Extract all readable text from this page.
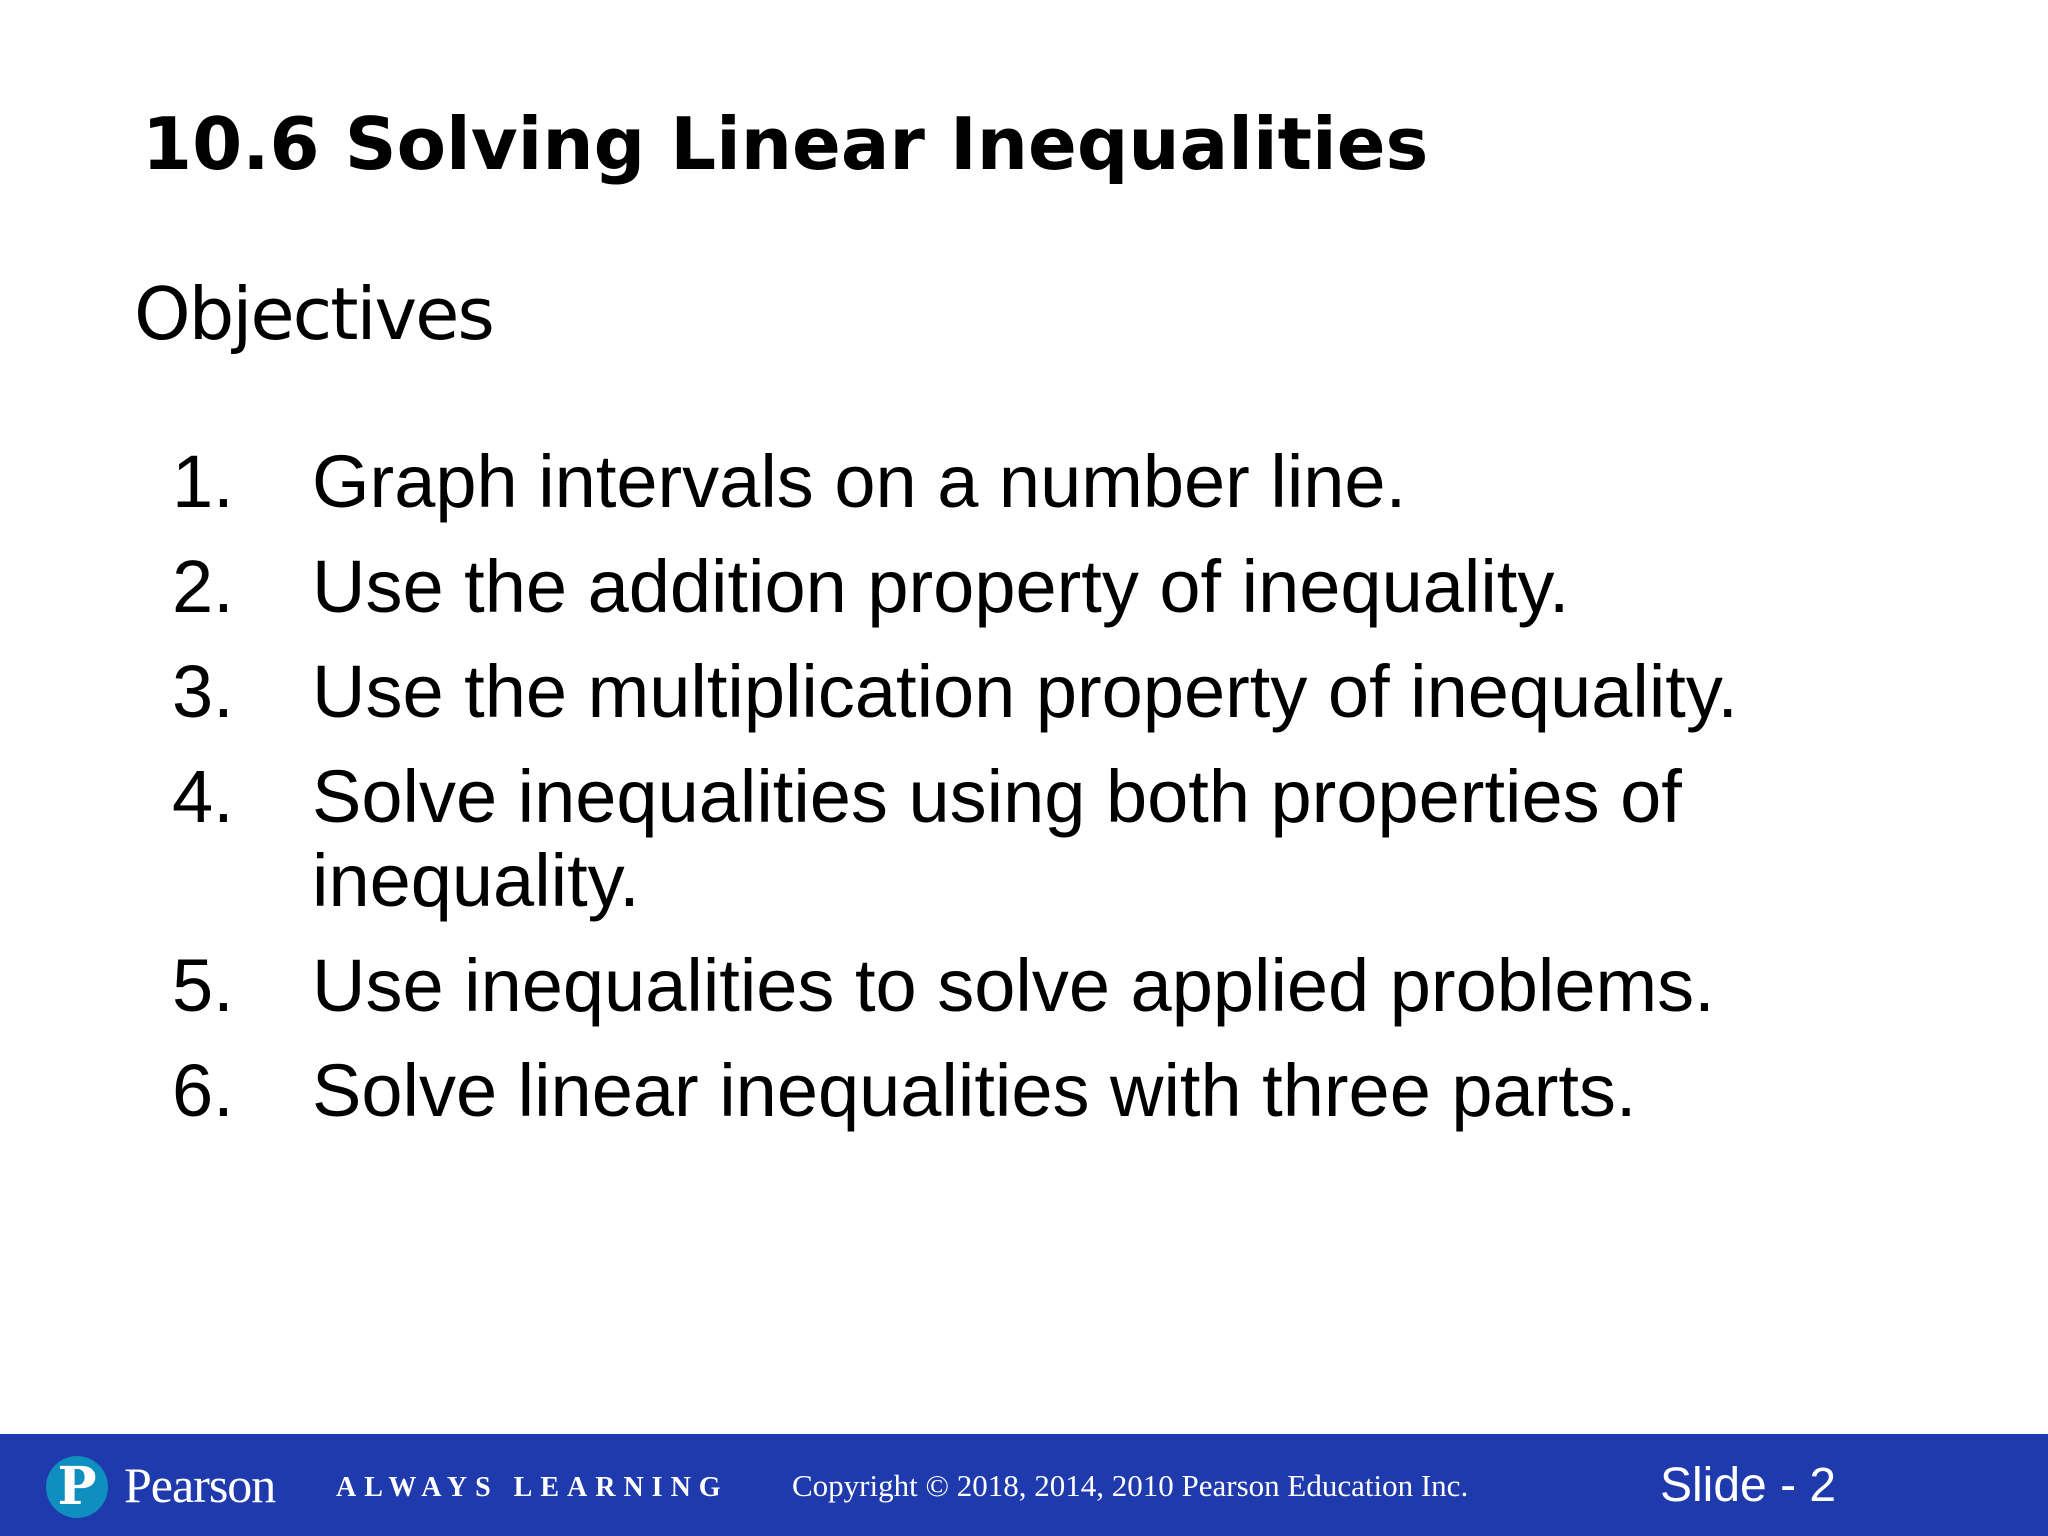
10.6 Solving Linear Inequalities
Objectives
1.	Graph intervals on a number line.
2.	Use the addition property of inequality.
3.	Use the multiplication property of inequality.
4.	Solve inequalities using both properties of inequality.
5.	Use inequalities to solve applied problems.
6.	Solve linear inequalities with three parts.
P Pearson ALWAYS LEARNING Copyright © 2018, 2014, 2010 Pearson Education Inc.	Slide - 2
